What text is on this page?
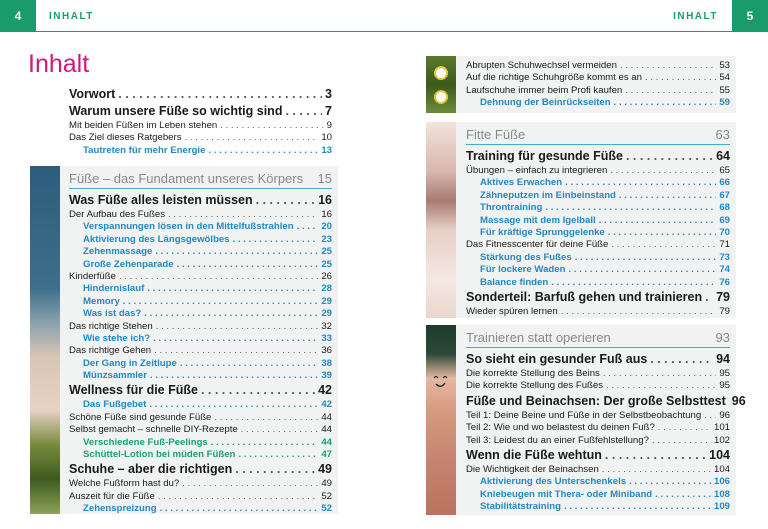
4	INHALT
Inhalt
Vorwort . . .	3
Warum unsere Füße so wichtig sind . . .	7
Mit beiden Füßen im Leben stehen . . .	9
Das Ziel dieses Ratgebers . . .	10
Tautreten für mehr Energie . . .	13
Füße – das Fundament unseres Körpers 15
Was Füße alles leisten müssen . . .	16
Der Aufbau des Fußes . . .	16
Verspannungen lösen in den Mittelfußstrahlen . . .	20
Aktivierung des Längsgewölbes . . .	23
Zehenmassage . . .	25
Große Zehenparade . . .	25
Kinderfüße . . .	26
Hindernislauf . . .	28
Memory . . .	29
Was ist das? . . .	29
Das richtige Stehen . . .	32
Wie stehe ich? . . .	33
Das richtige Gehen . . .	36
Der Gang in Zeitlupe . . .	38
Münzsammler . . .	39
Wellness für die Füße . . .	42
Das Fußgebet . . .	42
Schöne Füße sind gesunde Füße . . .	44
Selbst gemacht – schnelle DIY-Rezepte . . .	44
Verschiedene Fuß-Peelings . . .	44
Schüttel-Lotion bei müden Füßen . . .	47
Schuhe – aber die richtigen . . .	49
Welche Fußform hast du? . . .	49
Auszeit für die Füße . . .	52
Zehenspreizung . . .	52
INHALT	5
Abrupten Schuhwechsel vermeiden . . .	53
Auf die richtige Schuhgröße kommt es an . . .	54
Laufschuhe immer beim Profi kaufen . . .	55
Dehnung der Beinrückseiten . . .	59
Fitte Füße	63
Training für gesunde Füße . . .	64
Übungen – einfach zu integrieren . . .	65
Aktives Erwachen . . .	66
Zähneputzen im Einbeinstand . . .	67
Throntraining . . .	68
Massage mit dem Igelball . . .	69
Für kräftige Sprunggelenke . . .	70
Das Fitnesscenter für deine Füße . . .	71
Stärkung des Fußes . . .	73
Für lockere Waden . . .	74
Balance finden . . .	76
Sonderteil: Barfuß gehen und trainieren . . . 79
Wieder spüren lernen . . .	79
Trainieren statt operieren	93
So sieht ein gesunder Fuß aus . . .	94
Die korrekte Stellung des Beins . . .	95
Die korrekte Stellung des Fußes . . .	95
Füße und Beinachsen: Der große Selbsttest 96
Teil 1: Deine Beine und Füße in der Selbstbeobachtung . . . 96
Teil 2: Wie und wo belastest du deinen Fuß? . . .	101
Teil 3: Leidest du an einer Fußfehlstellung? . . .	102
Wenn die Füße wehtun . . .	104
Die Wichtigkeit der Beinachsen . . .	104
Aktivierung des Unterschenkels . . .	106
Kniebeugen mit Thera- oder Miniband . . .	108
Stabilitätstraining . . .	109
